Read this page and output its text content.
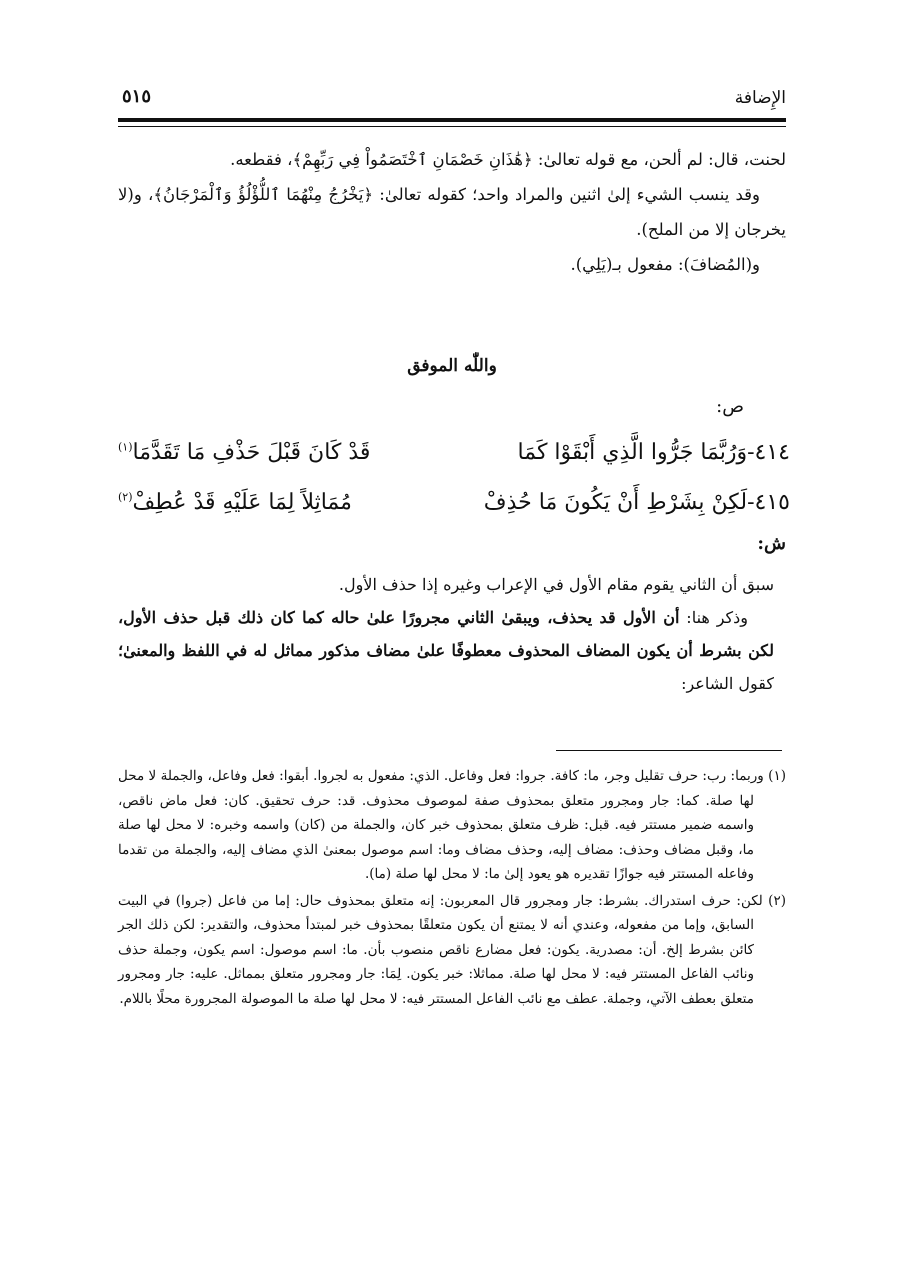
الإِضافة
٥١٥

لحنت، قال: لم ألحن، مع قوله تعالىٰ: ﴿هَٰذَانِ خَصْمَانِ ٱخْتَصَمُواْ فِي رَبِّهِمْ﴾، فقطعه.

وقد ينسب الشيء إلىٰ اثنين والمراد واحد؛ كقوله تعالىٰ: ﴿يَخْرُجُ مِنْهُمَا ٱللُّؤْلُؤُ وَٱلْمَرْجَانُ﴾، و(لا يخرجان إلا من الملح).

و(المُضافَ): مفعول بـ(يَلِي).

واللّٰه الموفق
ص:
٤١٤-وَرُبَّمَا جَرُّوا الَّذِي أَبْقَوْا كَمَا
قَدْ كَانَ قَبْلَ حَذْفِ مَا تَقَدَّمَا$^{(١)}$
٤١٥-لَكِنْ بِشَرْطِ أَنْ يَكُونَ مَا حُذِفْ
مُمَاثِلاً لِمَا عَلَيْهِ قَدْ عُطِفْ$^{(٢)}$
ش:

سبق أن الثاني يقوم مقام الأول في الإعراب وغيره إذا حذف الأول.

وذكر هنا: أن الأول قد يحذف، ويبقىٰ الثاني مجرورًا علىٰ حاله كما كان ذلك قبل حذف الأول، لكن بشرط أن يكون المضاف المحذوف معطوفًا علىٰ مضاف مذكور مماثل له في اللفظ والمعنىٰ؛ كقول الشاعر:

(١) وربما: رب: حرف تقليل وجر، ما: كافة. جروا: فعل وفاعل. الذي: مفعول به لجروا. أبقوا: فعل وفاعل، والجملة لا محل لها صلة. كما: جار ومجرور متعلق بمحذوف صفة لموصوف محذوف. قد: حرف تحقيق. كان: فعل ماض ناقص، واسمه ضمير مستتر فيه. قبل: ظرف متعلق بمحذوف خبر كان، والجملة من (كان) واسمه وخبره: لا محل لها صلة ما، وقبل مضاف وحذف: مضاف إليه، وحذف مضاف وما: اسم موصول بمعنىٰ الذي مضاف إليه، والجملة من تقدما وفاعله المستتر فيه جوازًا تقديره هو يعود إلىٰ ما: لا محل لها صلة (ما).

(٢) لكن: حرف استدراك. بشرط: جار ومجرور قال المعربون: إنه متعلق بمحذوف حال: إما من فاعل (جروا) في البيت السابق، وإما من مفعوله، وعندي أنه لا يمتنع أن يكون متعلقًا بمحذوف خبر لمبتدأ محذوف، والتقدير: لكن ذلك الجر كائن بشرط إلخ. أن: مصدرية. يكون: فعل مضارع ناقص منصوب بأن. ما: اسم موصول: اسم يكون، وجملة حذف ونائب الفاعل المستتر فيه: لا محل لها صلة. مماثلا: خبر يكون. لِمَا: جار ومجرور متعلق بمماثل. عليه: جار ومجرور متعلق بعطف الآتي، وجملة. عطف مع نائب الفاعل المستتر فيه: لا محل لها صلة ما الموصولة المجرورة محلًا باللام.
